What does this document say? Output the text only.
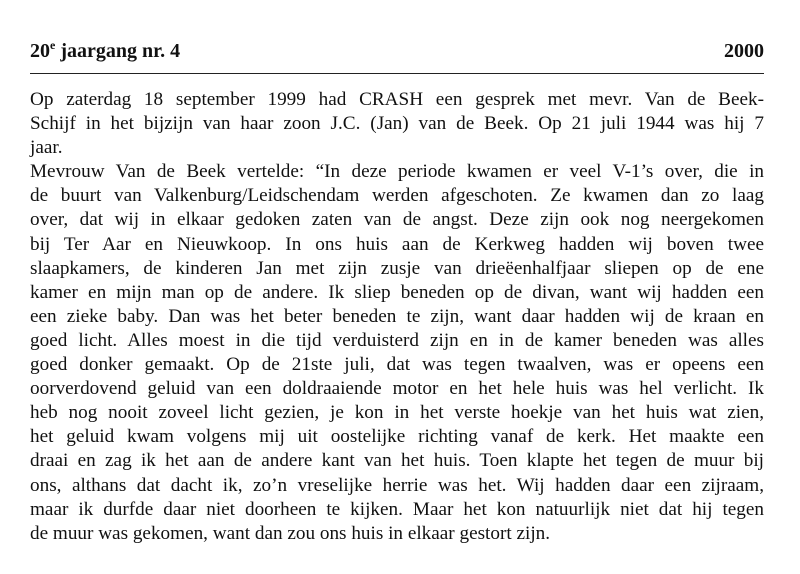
20e jaargang nr. 4	2000
Op zaterdag 18 september 1999 had CRASH een gesprek met mevr. Van de Beek-
Schijf in het bijzijn van haar zoon J.C. (Jan) van de Beek. Op 21 juli 1944 was hij 7
jaar.
Mevrouw Van de Beek vertelde: “In deze periode kwamen er veel V-1’s over, die in
de buurt van Valkenburg/Leidschendam werden afgeschoten. Ze kwamen dan zo laag
over, dat wij in elkaar gedoken zaten van de angst. Deze zijn ook nog neergekomen
bij Ter Aar en Nieuwkoop. In ons huis aan de Kerkweg hadden wij boven twee
slaapkamers, de kinderen Jan met zijn zusje van drieëenhalfjaar sliepen op de ene
kamer en mijn man op de andere. Ik sliep beneden op de divan, want wij hadden een
een zieke baby. Dan was het beter beneden te zijn, want daar hadden wij de kraan en
goed licht. Alles moest in die tijd verduisterd zijn en in de kamer beneden was alles
goed donker gemaakt. Op de 21ste juli, dat was tegen twaalven, was er opeens een
oorverdovend geluid van een doldraaiende motor en het hele huis was hel verlicht. Ik
heb nog nooit zoveel licht gezien, je kon in het verste hoekje van het huis wat zien,
het geluid kwam volgens mij uit oostelijke richting vanaf de kerk. Het maakte een
draai en zag ik het aan de andere kant van het huis. Toen klapte het tegen de muur bij
ons, althans dat dacht ik, zo’n vreselijke herrie was het. Wij hadden daar een zijraam,
maar ik durfde daar niet doorheen te kijken. Maar het kon natuurlijk niet dat hij tegen
de muur was gekomen, want dan zou ons huis in elkaar gestort zijn.
